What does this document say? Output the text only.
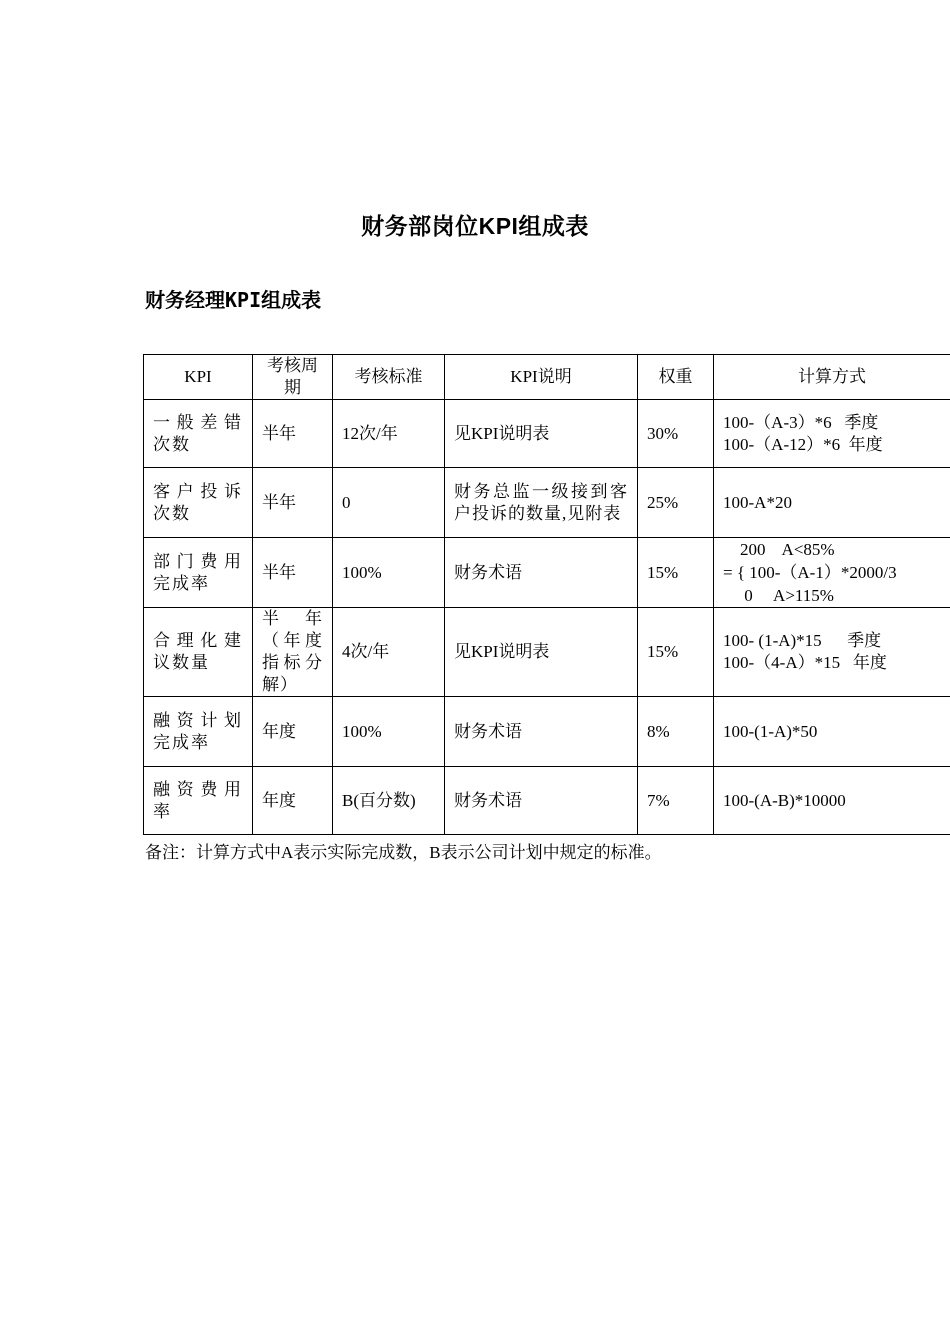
财务部岗位KPI组成表
财务经理KPI组成表
KPI	考核周期	考核标准	KPI说明	权重	计算方式
一般差错次数	半年	12次/年	见KPI说明表	30%	100-（A-3）*6   季度
100-（A-12）*6  年度

客户投诉次数	半年	0	财务总监一级接到客户投诉的数量,见附表	25%	100-A*20

部门费用完成率	半年	100%	财务术语	15%	200    A<85%
= { 100-（A-1）*2000/3
0     A>115%

合理化建议数量	半年（年度指标分解）	4次/年	见KPI说明表	15%	100- (1-A)*15      季度
100-（4-A）*15   年度

融资计划完成率	年度	100%	财务术语	8%	100-(1-A)*50

融资费用率	年度	B(百分数)	财务术语	7%	100-(A-B)*10000
备注：计算方式中A表示实际完成数，B表示公司计划中规定的标准。
